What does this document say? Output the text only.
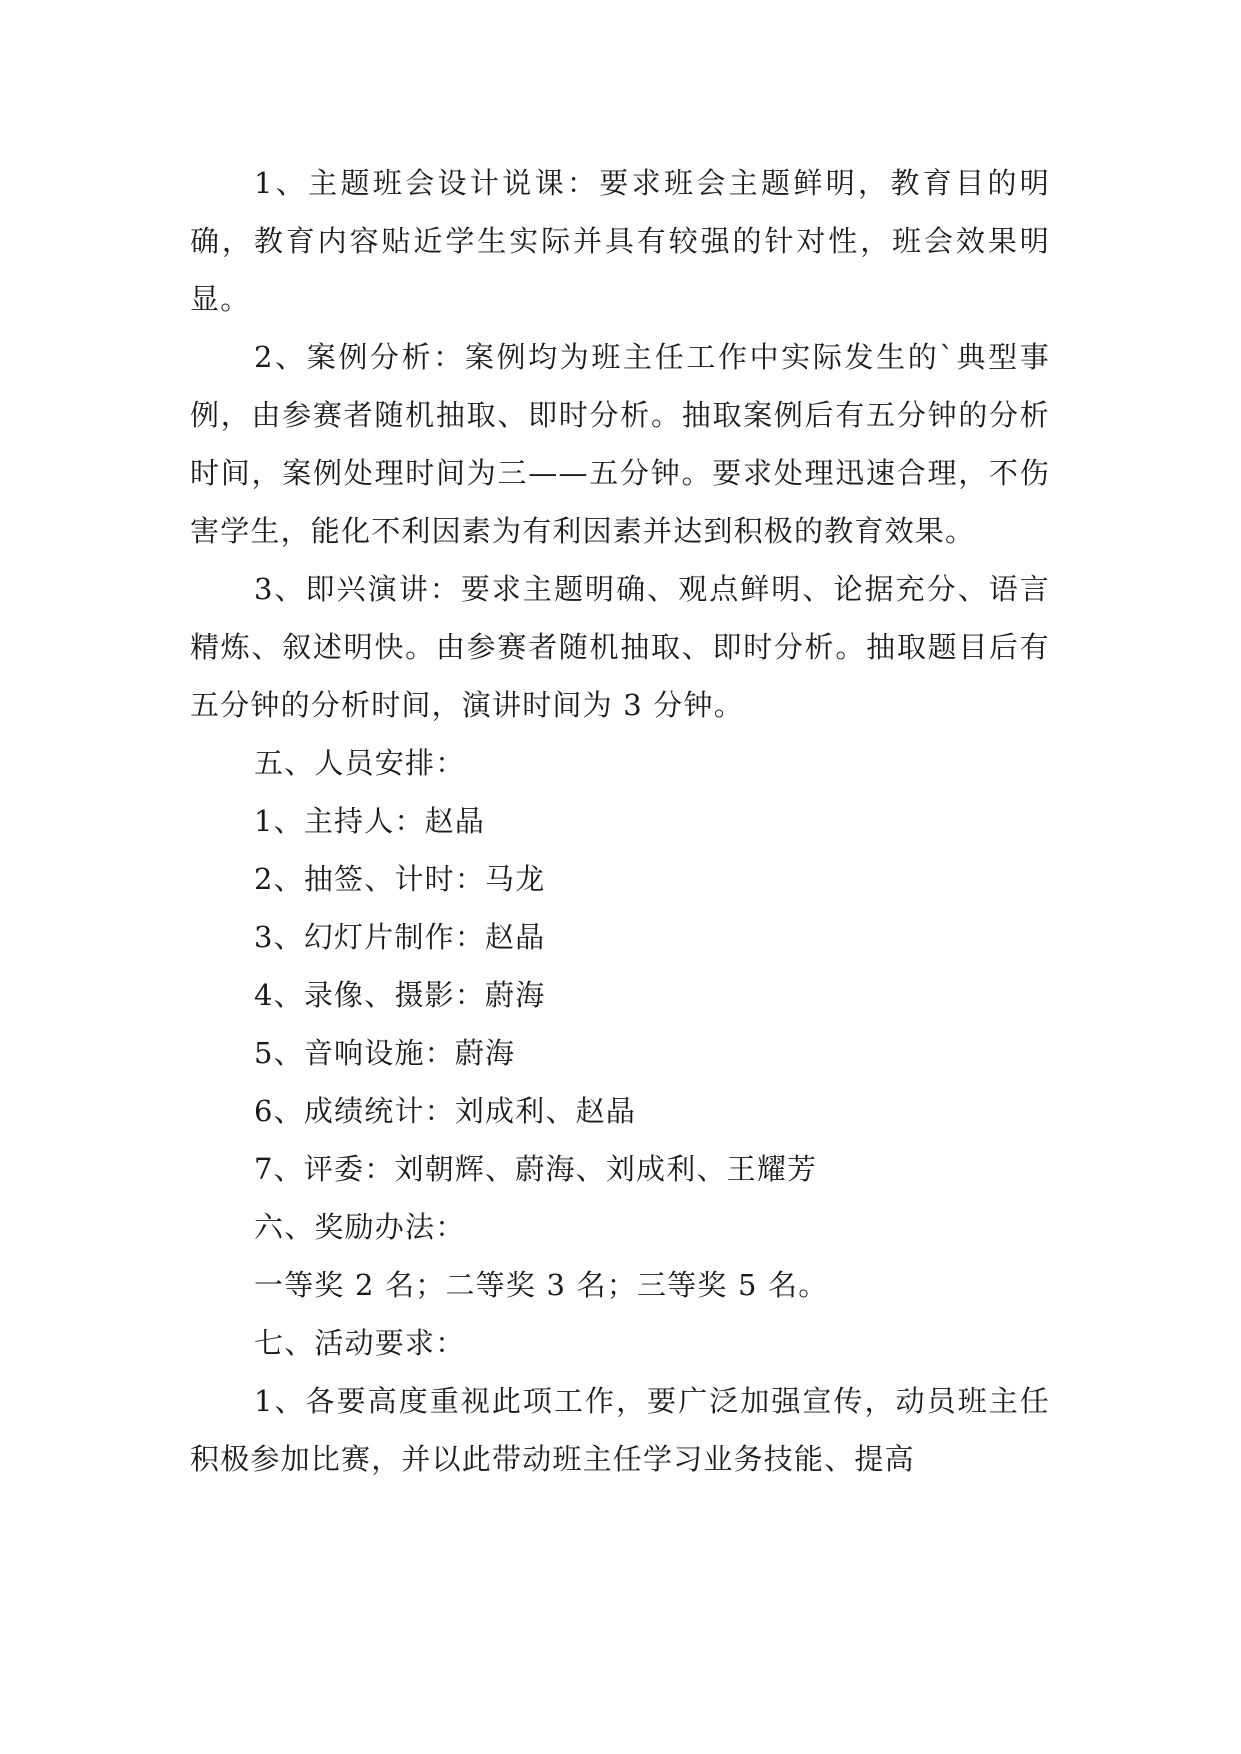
1、主题班会设计说课：要求班会主题鲜明，教育目的明确，教育内容贴近学生实际并具有较强的针对性，班会效果明显。

2、案例分析：案例均为班主任工作中实际发生的`典型事例，由参赛者随机抽取、即时分析。抽取案例后有五分钟的分析时间，案例处理时间为三——五分钟。要求处理迅速合理，不伤害学生，能化不利因素为有利因素并达到积极的教育效果。

3、即兴演讲：要求主题明确、观点鲜明、论据充分、语言精炼、叙述明快。由参赛者随机抽取、即时分析。抽取题目后有五分钟的分析时间，演讲时间为 3 分钟。

五、人员安排：

1、主持人：赵晶

2、抽签、计时：马龙

3、幻灯片制作：赵晶

4、录像、摄影：蔚海

5、音响设施：蔚海

6、成绩统计：刘成利、赵晶

7、评委：刘朝辉、蔚海、刘成利、王耀芳

六、奖励办法：

一等奖 2 名；二等奖 3 名；三等奖 5 名。

七、活动要求：

1、各要高度重视此项工作，要广泛加强宣传，动员班主任积极参加比赛，并以此带动班主任学习业务技能、提高
